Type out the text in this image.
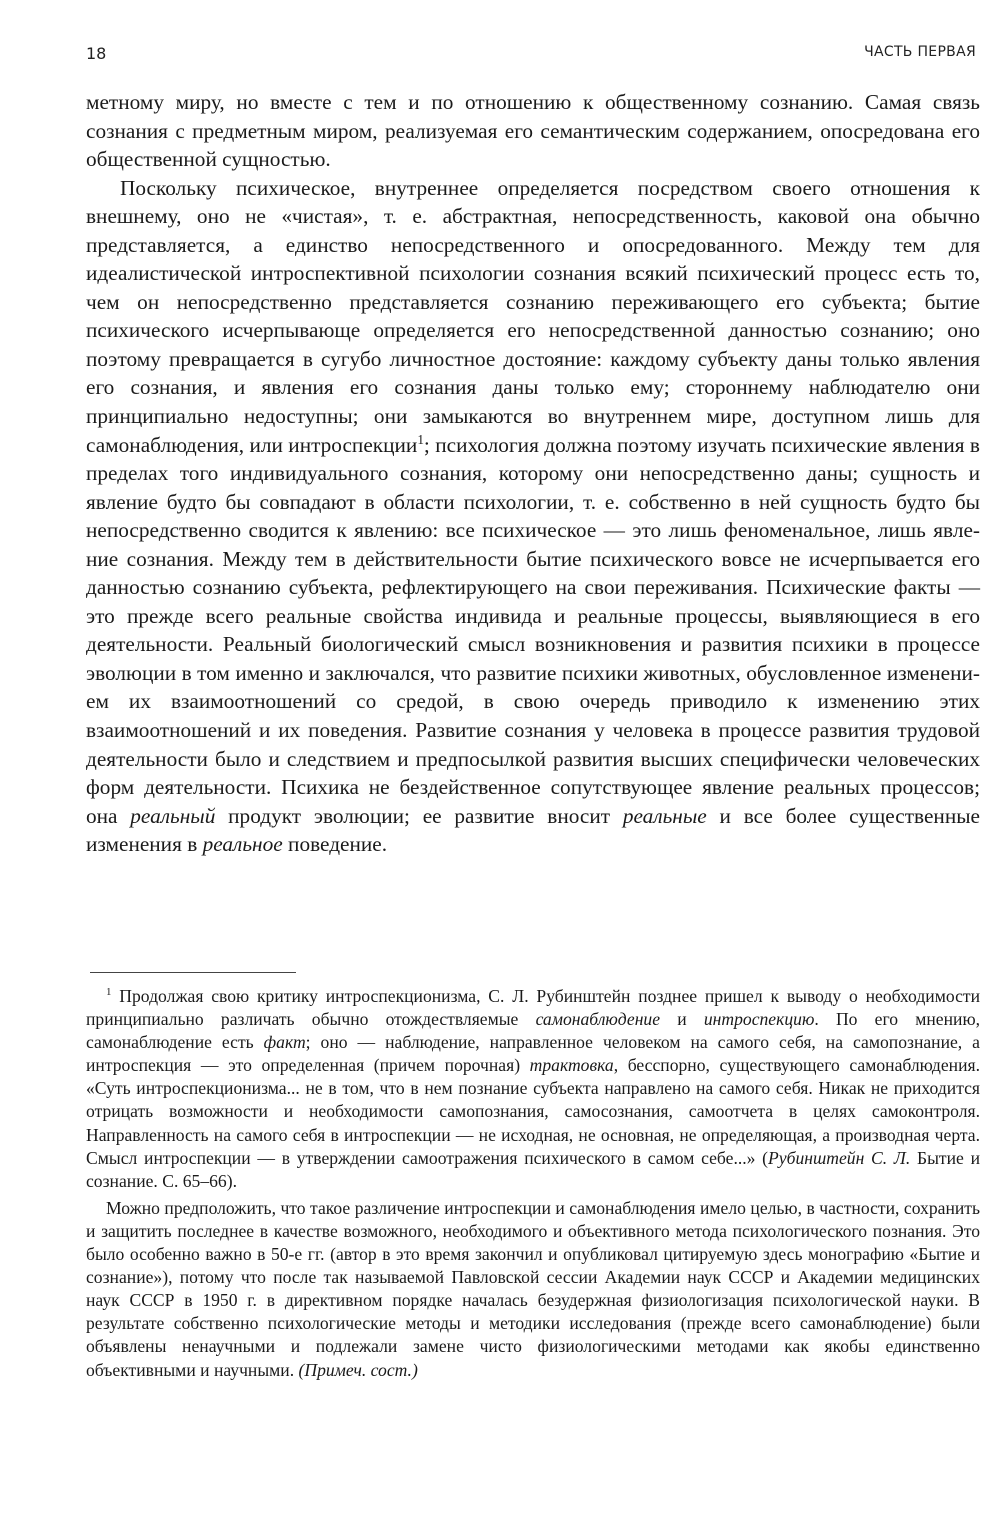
18	ЧАСТЬ ПЕРВАЯ

метному миру, но вместе с тем и по отношению к общественному сознанию. Самая связь сознания с предметным миром, реализуемая его семантическим содержанием, опосредована его общественной сущностью.

Поскольку психическое, внутреннее определяется посредством своего отношения к внешнему, оно не «чистая», т. е. абстрактная, непосредственность, каковой она обычно представляется, а единство непосредственного и опосредованного. Между тем для идеалистической интроспективной психологии сознания всякий психический процесс есть то, чем он непосредственно представляется сознанию переживающего его субъекта; бытие психического исчерпывающе определяется его непосредственной данностью сознанию; оно поэтому превращается в сугубо личностное достояние: каждому субъекту даны только явления его сознания, и явления его сознания даны только ему; стороннему наблюдателю они принципиально недоступны; они замыкаются во внутреннем мире, доступном лишь для самонаблюдения, или интроспекции$^1$; психология должна поэтому изучать психические явления в пределах того индивидуального сознания, которому они непосредственно даны; сущность и явление будто бы совпадают в области психологии, т. е. собственно в ней сущность будто бы непосредственно сводится к явлению: все психическое — это лишь феноменальное, лишь явление сознания. Между тем в действительности бытие психического вовсе не исчерпывается его данностью сознанию субъекта, рефлектирующего на свои переживания. Психические факты — это прежде всего реальные свойства индивида и реальные процессы, выявляющиеся в его деятельности. Реальный биологический смысл возникновения и развития психики в процессе эволюции в том именно и заключался, что развитие психики животных, обусловленное изменением их взаимоотношений со средой, в свою очередь приводило к изменению этих взаимоотношений и их поведения. Развитие сознания у человека в процессе развития трудовой деятельности было и следствием и предпосылкой развития высших специфически человеческих форм деятельности. Психика не бездейственное сопутствующее явление реальных процессов; она реальный продукт эволюции; ее развитие вносит реальные и все более существенные изменения в реальное поведение.

$^1$ Продолжая свою критику интроспекционизма, С. Л. Рубинштейн позднее пришел к выводу о необходимости принципиально различать обычно отождествляемые самонаблюдение и интроспекцию. По его мнению, самонаблюдение есть факт; оно — наблюдение, направленное человеком на самого себя, на самопознание, а интроспекция — это определенная (причем порочная) трактовка, бесспорно, существующего самонаблюдения. «Суть интроспекционизма... не в том, что в нем познание субъекта направлено на самого себя. Никак не приходится отрицать возможности и необходимости самопознания, самосознания, самоотчета в целях самоконтроля. Направленность на самого себя в интроспекции — не исходная, не основная, не определяющая, а производная черта. Смысл интроспекции — в утверждении самоотражения психического в самом себе...» (Рубинштейн С. Л. Бытие и сознание. С. 65–66).

Можно предположить, что такое различение интроспекции и самонаблюдения имело целью, в частности, сохранить и защитить последнее в качестве возможного, необходимого и объективного метода психологического познания. Это было особенно важно в 50-е гг. (автор в это время закончил и опубликовал цитируемую здесь монографию «Бытие и сознание»), потому что после так называемой Павловской сессии Академии наук СССР и Академии медицинских наук СССР в 1950 г. в директивном порядке началась безудержная физиологизация психологической науки. В результате собственно психологические методы и методики исследования (прежде всего самонаблюдение) были объявлены ненаучными и подлежали замене чисто физиологическими методами как якобы единственно объективными и научными. (Примеч. сост.)
